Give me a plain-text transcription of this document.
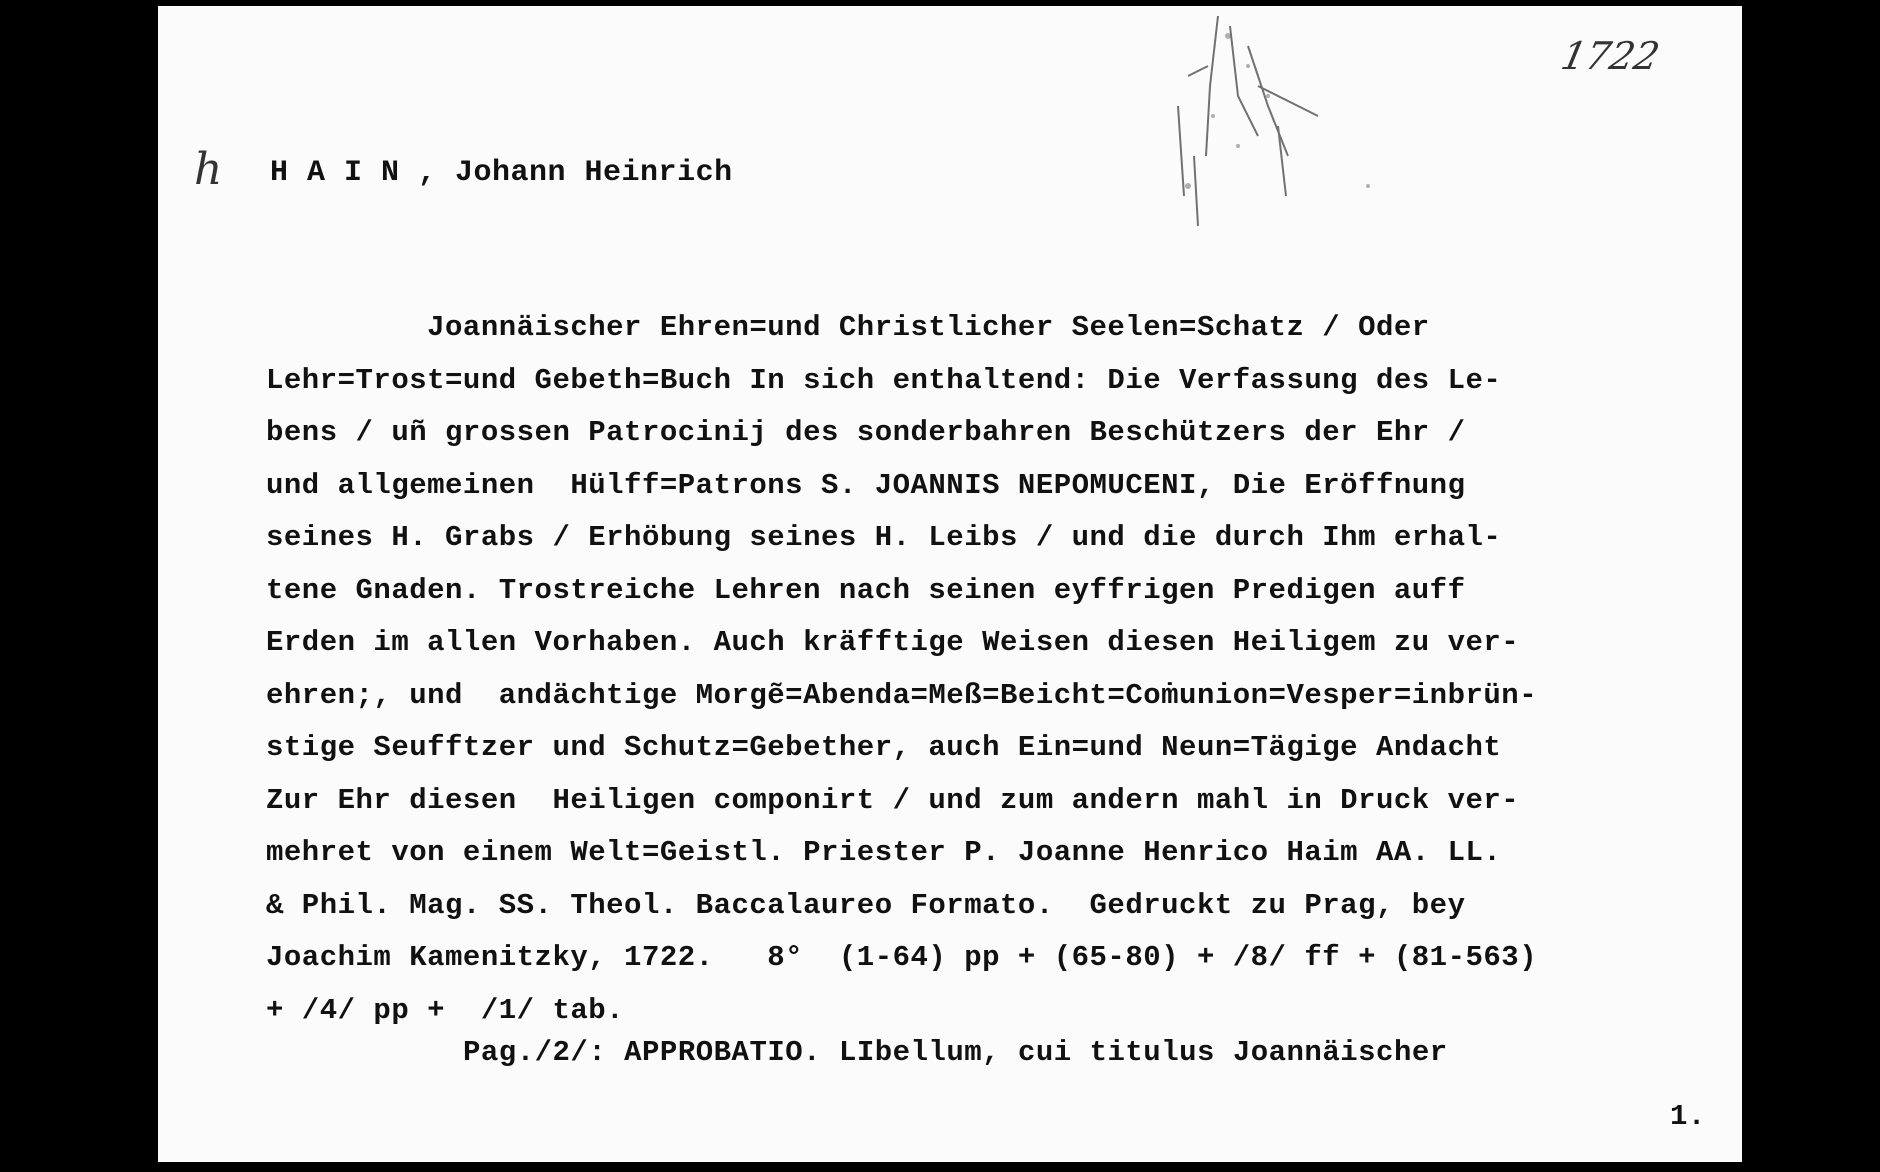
1722
h H A I N , Johann Heinrich
Joannäischer Ehren=und Christlicher Seelen=Schatz / Oder
Lehr=Trost=und Gebeth=Buch In sich enthaltend: Die Verfassung des Le-
bens / uñ grossen Patrocinij des sonderbahren Beschützers der Ehr /
und allgemeinen  Hülff=Patrons S. JOANNIS NEPOMUCENI, Die Eröffnung
seines H. Grabs / Erhöbung seines H. Leibs / und die durch Ihm erhal-
tene Gnaden. Trostreiche Lehren nach seinen eyffrigen Predigen auff
Erden im allen Vorhaben. Auch kräfftige Weisen diesen Heiligem zu ver-
ehren;, und  andächtige Morgẽ=Abenda=Meß=Beicht=Coṁunion=Vesper=inbrün-
stige Seufftzer und Schutz=Gebether, auch Ein=und Neun=Tägige Andacht
Zur Ehr diesen  Heiligen componirt / und zum andern mahl in Druck ver-
mehret von einem Welt=Geistl. Priester P. Joanne Henrico Haim AA. LL.
& Phil. Mag. SS. Theol. Baccalaureo Formato.  Gedruckt zu Prag, bey
Joachim Kamenitzky, 1722.   8°  (1-64) pp + (65-80) + /8/ ff + (81-563)
+ /4/ pp +  /1/ tab.
Pag./2/: APPROBATIO. LIbellum, cui titulus Joannäischer
1.
